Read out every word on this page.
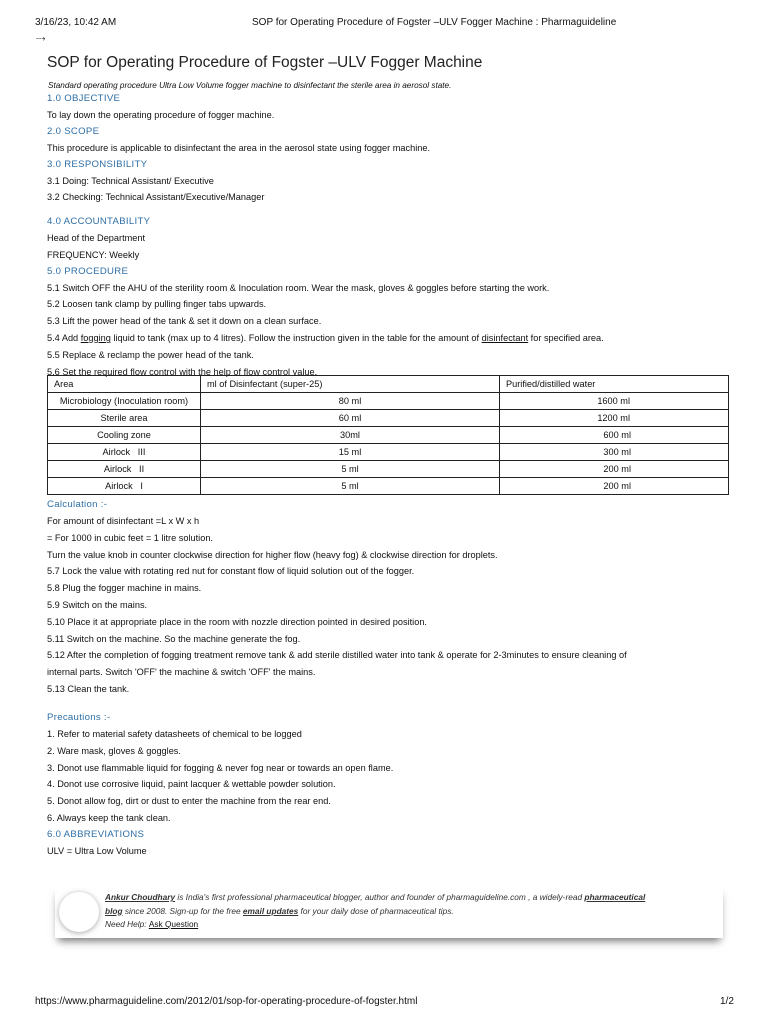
3/16/23, 10:42 AM	SOP for Operating Procedure of Fogster –ULV Fogger Machine : Pharmaguideline
⤏
SOP for Operating Procedure of Fogster –ULV Fogger Machine
Standard operating procedure Ultra Low Volume fogger machine to disinfectant the sterile area in aerosol state.
1.0 OBJECTIVE
To lay down the operating procedure of fogger machine.
2.0 SCOPE
This procedure is applicable to disinfectant the area in the aerosol state using fogger machine.
3.0 RESPONSIBILITY
3.1 Doing: Technical Assistant/ Executive
3.2 Checking: Technical Assistant/Executive/Manager
4.0 ACCOUNTABILITY
Head of the Department
FREQUENCY: Weekly
5.0 PROCEDURE
5.1 Switch OFF the AHU of the sterility room & Inoculation room. Wear the mask, gloves & goggles before starting the work.
5.2 Loosen tank clamp by pulling finger tabs upwards.
5.3 Lift the power head of the tank & set it down on a clean surface.
5.4 Add fogging liquid to tank (max up to 4 litres). Follow the instruction given in the table for the amount of disinfectant for specified area.
5.5 Replace & reclamp the power head of the tank.
5.6 Set the required flow control with the help of flow control value.
Area	ml of Disinfectant (super-25)	Purified/distilled water
Microbiology (Inoculation room)	80 ml	1600 ml
Sterile area	60 ml	1200 ml
Cooling zone	30ml	600 ml
Airlock   III	15 ml	300 ml
Airlock   II	5 ml	200 ml
Airlock   I	5 ml	200 ml
Calculation :-
For amount of disinfectant =L x W x h
= For 1000 in cubic feet = 1 litre solution.
Turn the value knob in counter clockwise direction for higher flow (heavy fog) & clockwise direction for droplets.
5.7 Lock the value with rotating red nut for constant flow of liquid solution out of the fogger.
5.8 Plug the fogger machine in mains.
5.9 Switch on the mains.
5.10 Place it at appropriate place in the room with nozzle direction pointed in desired position.
5.11 Switch on the machine. So the machine generate the fog.
5.12 After the completion of fogging treatment remove tank & add sterile distilled water into tank & operate for 2-3minutes to ensure cleaning of
internal parts. Switch 'OFF' the machine & switch 'OFF' the mains.
5.13 Clean the tank.
Precautions :-
1. Refer to material safety datasheets of chemical to be logged
2. Ware mask, gloves & goggles.
3. Donot use flammable liquid for fogging & never fog near or towards an open flame.
4. Donot use corrosive liquid, paint lacquer & wettable powder solution.
5. Donot allow fog, dirt or dust to enter the machine from the rear end.
6. Always keep the tank clean.
6.0 ABBREVIATIONS
ULV = Ultra Low Volume
Ankur Choudhary is India's first professional pharmaceutical blogger, author and founder of pharmaguideline.com , a widely-read pharmaceutical
blog since 2008. Sign-up for the free email updates for your daily dose of pharmaceutical tips.
Need Help: Ask Question
https://www.pharmaguideline.com/2012/01/sop-for-operating-procedure-of-fogster.html	1/2
